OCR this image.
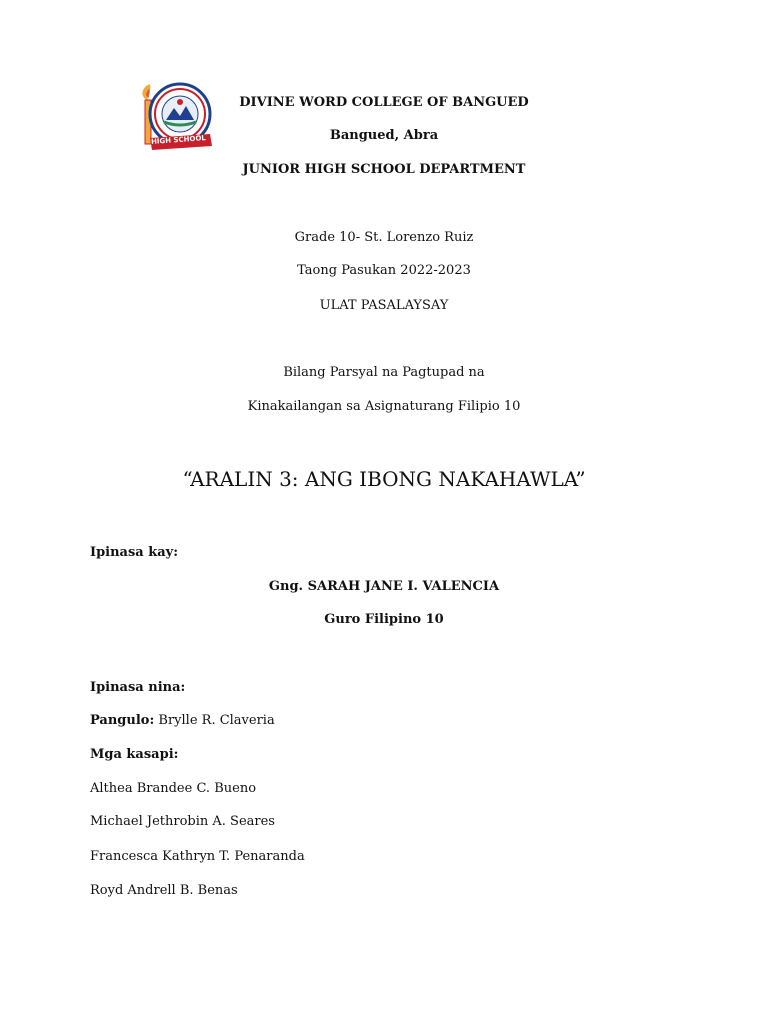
HIGH SCHOOL
DIVINE WORD COLLEGE OF BANGUED
Bangued, Abra
JUNIOR HIGH SCHOOL DEPARTMENT
Grade 10- St. Lorenzo Ruiz
Taong Pasukan 2022-2023
ULAT PASALAYSAY
Bilang Parsyal na Pagtupad na
Kinakailangan sa Asignaturang Filipio 10
“ARALIN 3: ANG IBONG NAKAHAWLA”
Ipinasa kay:
Gng. SARAH JANE I. VALENCIA
Guro Filipino 10
Ipinasa nina:
Pangulo: Brylle R. Claveria
Mga kasapi:
Althea Brandee C. Bueno
Michael Jethrobin A. Seares
Francesca Kathryn T. Penaranda
Royd Andrell B. Benas
